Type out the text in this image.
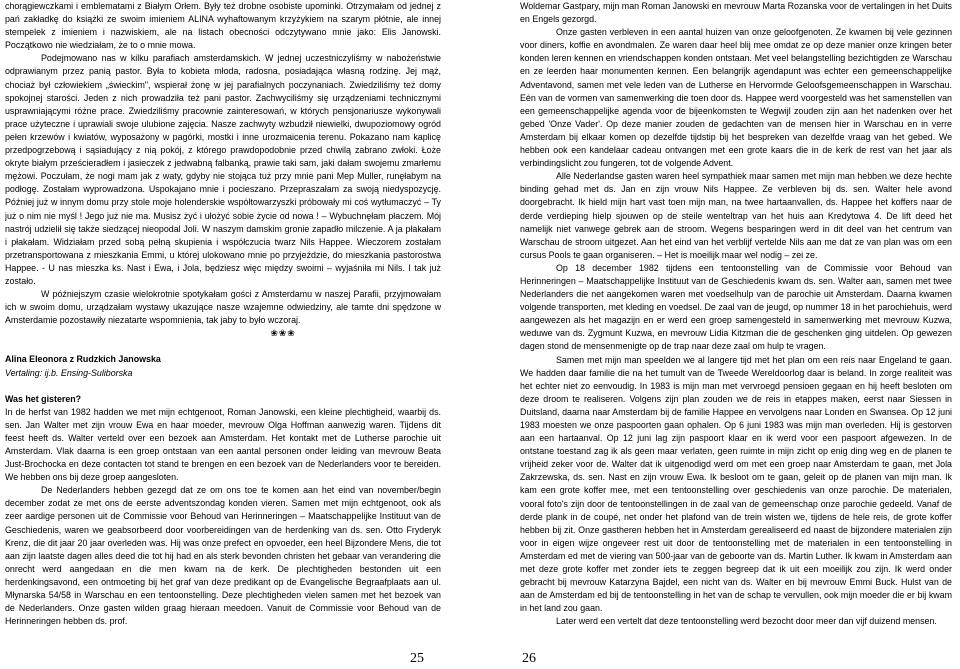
chorągiewczkami i emblematami z Białym Orłem. Były też drobne osobiste upominki. Otrzymałam od jednej z pań zakładkę do książki ze swoim imieniem ALINA wyhaftowanym krzyżykiem na szarym płótnie, ale innej stempelek z imieniem i nazwiskiem, ale na listach obecności odczytywano mnie jako: Elis Janowski. Początkowo nie wiedziałam, że to o mnie mowa.

Podejmowano nas w kilku parafiach amsterdamskich. W jednej uczestniczyliśmy w nabożeństwie odprawianym przez panią pastor. Była to kobieta młoda, radosna, posiadająca własną rodzinę. Jej mąż, chociaż był człowiekiem „świeckim", wspierał żonę w jej parafialnych poczynaniach. Zwiedziliśmy też domy spokojnej starości. Jeden z nich prowadziła też pani pastor. Zachwyciliśmy się urządzeniami technicznymi usprawniającymi różne prace. Zwiedziliśmy pracownie zainteresowań, w których pensjonariusze wykonywali prace użyteczne i uprawiali swoje ulubione zajęcia. Nasze zachwyty wzbudził niewielki, dwupoziomowy ogród pełen krzewów i kwiatów, wyposażony w pagórki, mostki i inne urozmaicenia terenu. Pokazano nam kaplicę przedpogrzebową i sąsiadujący z nią pokój, z którego prawdopodobnie przed chwilą zabrano zwłoki. Łoże okryte białym prześcieradłem i jasieczek z jedwabną falbanką, prawie taki sam, jaki dałam swojemu zmarłemu mężowi. Poczułam, że nogi mam jak z waty, gdyby nie stojąca tuż przy mnie pani Mep Muller, runęłabym na podłogę. Zostałam wyprowadzona. Uspokajano mnie i pocieszano. Przepraszałam za swoją niedyspozycję. Później już w innym domu przy stole moje holenderskie współtowarzyszki próbowały mi coś wytłumaczyć – Ty już o nim nie myśl ! Jego już nie ma. Musisz żyć i ułożyć sobie życie od nowa ! – Wybuchnęłam płaczem. Mój nastrój udzielił się także siedzącej nieopodal Joli. W naszym damskim gronie zapadło milczenie. A ja płakałam i płakałam. Widziałam przed sobą pełną skupienia i współczucia twarz Nils Happee. Wieczorem zostałam przetransportowana z mieszkania Emmi, u której ulokowano mnie po przyjeździe, do mieszkania pastorostwa Happee. - U nas mieszka ks. Nast i Ewa, i Jola, będziesz więc między swoimi – wyjaśniła mi Nils. I tak już zostało.

W późniejszym czasie wielokrotnie spotykałam gości z Amsterdamu w naszej Parafii, przyjmowałam ich w swoim domu, urządzałam wystawy ukazujące nasze wzajemne odwiedziny, ale tamte dni spędzone w Amsterdamie pozostawiły niezatarte wspomnienia, tak jaby to było wczoraj.

❀❀❀

Alina Eleonora z Rudzkich Janowska

Vertaling: ij.b. Ensing-Suliborska

Was het gisteren?

In de herfst van 1982 hadden we met mijn echtgenoot, Roman Janowski, een kleine plechtigheid, waarbij ds. sen. Jan Walter met zijn vrouw Ewa en haar moeder, mevrouw Olga Hoffman aanwezig waren. Tijdens dit feest heeft ds. Walter verteld over een bezoek aan Amsterdam. Het kontakt met de Lutherse parochie uit Amsterdam. Vlak daarna is een groep ontstaan van een aantal personen onder leiding van mevrouw Beata Just-Brochocka en deze contacten tot stand te brengen en een bezoek van de Nederlanders voor te bereiden. We hebben ons bij deze groep aangesloten.

De Nederlanders hebben gezegd dat ze om ons toe te komen aan het eind van november/begin december zodat ze met ons de eerste adventszondag konden vieren. Samen met mijn echtgenoot, ook als zeer aardige personen uit de Commissie voor Behoud van Herinneringen – Maatschappelijke Instituut van de Geschiedenis, waren we geabsorbeerd door voorbereidingen van de herdenking van ds. sen. Otto Fryderyk Krenz, die dit jaar 20 jaar overleden was. Hij was onze prefect en opvoeder, een heel Bijzondere Mens, die tot aan zijn laatste dagen alles deed die tot hij had en als sterk bevonden christen het gebaar van verandering die onrecht werd aangedaan en die men kwam na de kerk. De plechtigheden bestonden uit een herdenkingsavond, een ontmoeting bij het graf van deze predikant op de Evangelische Begraafplaats aan ul. Młynarska 54/58 in Warschau en een tentoonstelling. Deze plechtigheden vielen samen met het bezoek van de Nederlanders. Onze gasten wilden graag hieraan meedoen. Vanuit de Commissie voor Behoud van de Herinneringen hebben ds. prof.

25

Woldemar Gastpary, mijn man Roman Janowski en mevrouw Marta Rozanska voor de vertalingen in het Duits en Engels gezorgd.

Onze gasten verbleven in een aantal huizen van onze geloofgenoten. Ze kwamen bij vele gezinnen voor diners, koffie en avondmalen. Ze waren daar heel blij mee omdat ze op deze manier onze kringen beter konden leren kennen en vriendschappen konden ontstaan. Met veel belangstelling bezichtigden ze Warschau en ze leerden haar monumenten kennen. Een belangrijk agendapunt was echter een gemeenschappelijke Adventavond, samen met vele leden van de Lutherse en Hervormde Geloofsgemeenschappen in Warschau. Eén van de vormen van samenwerking die toen door ds. Happee werd voorgesteld was het samenstellen van een gemeenschappelijke agenda voor de bijeenkomsten te Wegwijl zouden zijn aan het nadenken over het gebed 'Onze Vader'. Op deze manier zouden de gedachten van de mensen hier in Warschau en in verre Amsterdam bij elkaar komen op dezelfde tijdstip bij het bespreken van dezelfde vraag van het gebed. We hebben ook een kandelaar cadeau ontvangen met een grote kaars die in de kerk de rest van het jaar als verbindingslicht zou fungeren, tot de volgende Advent.

Alle Nederlandse gasten waren heel sympathiek maar samen met mijn man hebben we deze hechte binding gehad met ds. Jan en zijn vrouw Nils Happee. Ze verbleven bij ds. sen. Walter hele avond doorgebracht. Ik hield mijn hart vast toen mijn man, na twee hartaanvallen, ds. Happee het koffers naar de derde verdieping hielp sjouwen op de steile wenteltrap van het huis aan Kredytowa 4. De lift deed het namelijk niet vanwege gebrek aan de stroom. Wegens besparingen werd in dit deel van het centrum van Warschau de stroom uitgezet. Aan het eind van het verblijf vertelde Nils aan me dat ze van plan was om een cursus Pools te gaan organiseren. – Het is moeilijk maar wel nodig – zei ze.

Op 18 december 1982 tijdens een tentoonstelling van de Commissie voor Behoud van Herinneringen – Maatschappelijke Instituut van de Geschiedenis kwam ds. sen. Walter aan, samen met twee Nederlanders die net aangekomen waren met voedselhulp van de parochie uit Amsterdam. Daarna kwamen volgende transporten, met kleding en voedsel. De zaal van de jeugd, op nummer 18 in het parochiehuis, werd aangewezen als het magazijn en er werd een groep samengesteld in samenwerking met mevrouw Kuzwa, weduwe van ds. Zygmunt Kuzwa, en mevrouw Lidia Kitzman die de geschenken ging uitdelen. Op gewezen dagen stond de mensenmenigte op de trap naar deze zaal om hulp te vragen.

Samen met mijn man speelden we al langere tijd met het plan om een reis naar Engeland te gaan. We hadden daar familie die na het tumult van de Tweede Wereldoorlog daar is beland. In zorge realiteit was het echter niet zo eenvoudig. In 1983 is mijn man met vervroegd pensioen gegaan en hij heeft besloten om deze droom te realiseren. Volgens zijn plan zouden we de reis in etappes maken, eerst naar Siessen in Duitsland, daarna naar Amsterdam bij de familie Happee en vervolgens naar Londen en Swansea. Op 12 juni 1983 moesten we onze paspoorten gaan ophalen. Op 6 juni 1983 was mijn man overleden. Hij is gestorven aan een hartaanval. Op 12 juni lag zijn paspoort klaar en ik werd voor een paspoort afgewezen. In de ontstane toestand zag ik als geen maar verlaten, geen ruimte in mijn zicht op enig ding weg en de planen te vrijheid zeker voor de. Walter dat ik uitgenodigd werd om met een groep naar Amsterdam te gaan, met Jola Zakrzewska, ds. sen. Nast en zijn vrouw Ewa. Ik besloot om te gaan, geleit op de planen van mijn man. Ik kam een grote koffer mee, met een tentoonstelling over geschiedenis van onze parochie. De materialen, vooral foto's zijn door de tentoonstellingen in de zaal van de gemeenschap onze parochie gedeeld. Vanaf de derde plank in de coupé, net onder het plafond van de trein wisten we, tijdens de hele reis, de grote koffer hebben bij zit. Onze gastheren hebben het in Amsterdam gerealiseerd ed naast de bijzondere materialen zijn voor in eigen wijze ongeveer rest uit door de tentoonstelling met de materialen in een tentoonstelling in Amsterdam ed met de viering van 500-jaar van de geboorte van ds. Martin Luther. Ik kwam in Amsterdam aan met deze grote koffer met zonder iets te zeggen begreep dat ik uit een moeilijk zou zijn. Ik werd onder gebracht bij mevrouw Katarzyna Bajdel, een nicht van ds. Walter en bij mevrouw Emmi Buck. Hulst van de aan de Amsterdam ed bij de tentoonstelling in het van de schap te vervullen, ook mijn moeder die er bij kwam in het land zou gaan.

Later werd een vertelt dat deze tentoonstelling werd bezocht door meer dan vijf duizend mensen.

26
